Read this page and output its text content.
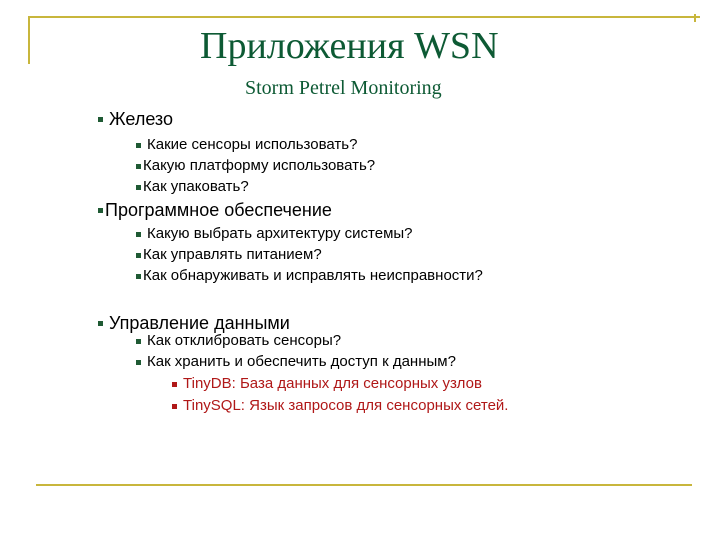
Приложения WSN
Storm Petrel Monitoring
Железо
Какие сенсоры использовать?
Какую платформу использовать?
Как упаковать?
Программное обеспечение
Какую выбрать архитектуру системы?
Как управлять питанием?
Как обнаруживать и исправлять неисправности?
Управление данными
Как отклибровать сенсоры?
Как хранить и обеспечить доступ к данным?
TinyDB: База данных для сенсорных узлов
TinySQL: Язык запросов для сенсорных сетей.
